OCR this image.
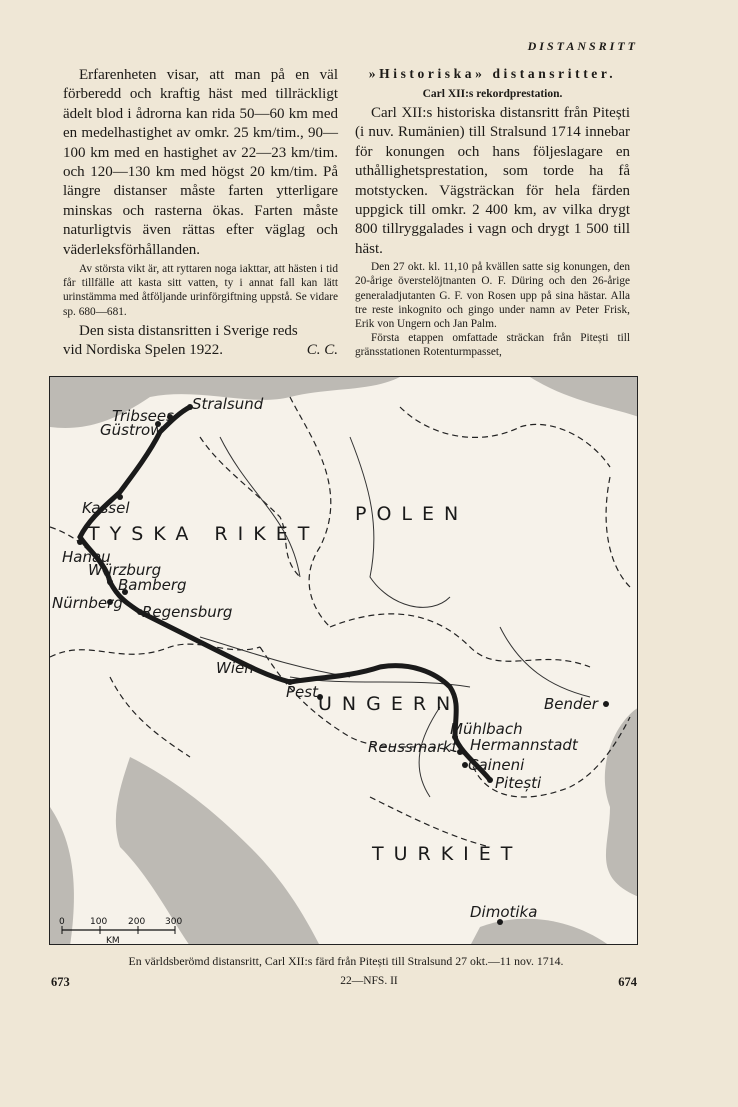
DISTANSRITT

Erfarenheten visar, att man på en väl förberedd och kraftig häst med tillräckligt ädelt blod i ådrorna kan rida 50—60 km med en medelhastighet av omkr. 25 km/tim., 90—100 km med en hastighet av 22—23 km/tim. och 120—130 km med högst 20 km/tim. På längre distanser måste farten ytterligare minskas och rasterna ökas. Farten måste naturligtvis även rättas efter väglag och väderleksförhållanden.

Av största vikt är, att ryttaren noga iakttar, att hästen i tid får tillfälle att kasta sitt vatten, ty i annat fall kan lätt urinstämma med åtföljande urinförgiftning uppstå. Se vidare sp. 680—681.

Den sista distansritten i Sverige reds

vid Nordiska Spelen 1922.	C. C.
»Historiska» distansritter.
Carl XII:s rekordprestation.

Carl XII:s historiska distansritt från Pitești (i nuv. Rumänien) till Stralsund 1714 innebar för konungen och hans följeslagare en uthållighetsprestation, som torde ha få motstycken. Vägsträckan för hela färden uppgick till omkr. 2 400 km, av vilka drygt 800 tillryggalades i vagn och drygt 1 500 till häst.

Den 27 okt. kl. 11,10 på kvällen satte sig konungen, den 20-årige överstelöjtnanten O. F. Düring och den 26-årige generaladjutanten G. F. von Rosen upp på sina hästar. Alla tre reste inkognito och gingo under namn av Peter Frisk, Erik von Ungern och Jan Palm.

Första etappen omfattade sträckan från Pitești till gränsstationen Rotenturmpasset,

Stralsund
Tribsees
Güstrow
Kassel
Hanau
Würzburg
Bamberg
Nürnberg Regensburg
Wien
Pest
Mühlbach
Hermannstadt
Reussmarkt
Caineni
Pitești
Bender
Dimotika
TYSKA RIKET
POLEN
UNGERN
TURKIET
0	100 200 300
KM
En världsberömd distansritt, Carl XII:s färd från Pitești till Stralsund 27 okt.—11 nov. 1714.
673	22—NFS. II	674
